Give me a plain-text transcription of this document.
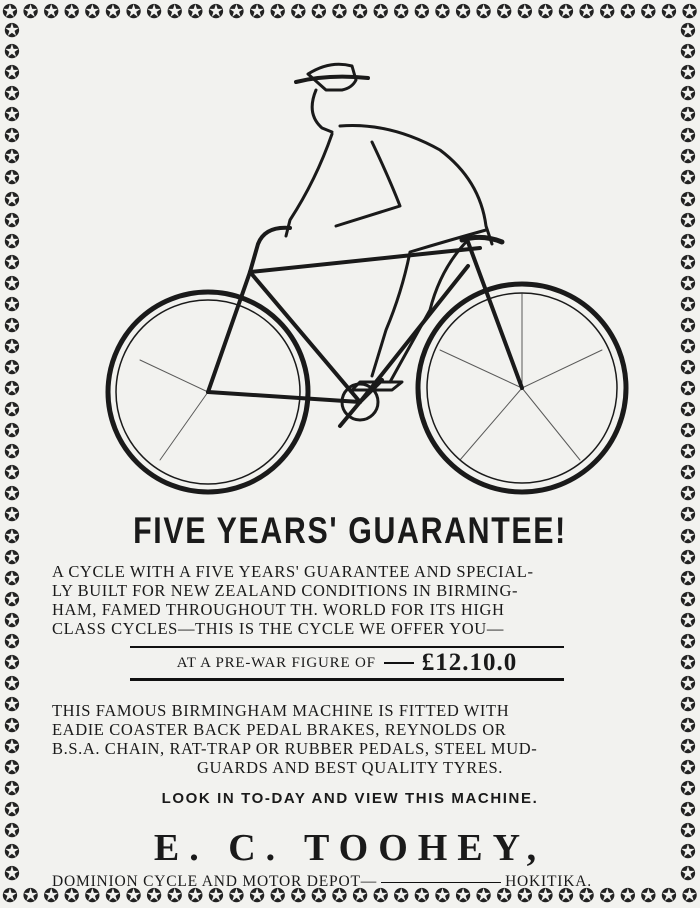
✪ ✪ ✪ ✪ ✪ ✪ ✪ ✪ ✪ ✪ ✪ ✪ ✪ ✪ ✪ ✪ ✪ ✪ ✪ ✪ ✪ ✪ ✪ ✪ ✪ ✪ ✪ ✪ ✪ ✪ ✪ ✪ ✪ ✪
✪ ✪ ✪ ✪ ✪ ✪ ✪ ✪ ✪ ✪ ✪ ✪ ✪ ✪ ✪ ✪ ✪ ✪ ✪ ✪ ✪ ✪ ✪ ✪ ✪ ✪ ✪ ✪ ✪ ✪ ✪ ✪ ✪ ✪
✪
✪
✪
✪
✪
✪
✪
✪
✪
✪
✪
✪
✪
✪
✪
✪
✪
✪
✪
✪
✪
✪
✪
✪
✪
✪
✪
✪
✪
✪
✪
✪
✪
✪
✪
✪
✪
✪
✪
✪
✪
✪
✪
✪
✪
✪
✪
✪
✪
✪
✪
✪
✪
✪
✪
✪
✪
✪
✪
✪
✪
✪
✪
✪
✪
✪
✪
✪
✪
✪
✪
✪
✪
✪
✪
✪
✪
✪
✪
✪
✪
✪
FIVE YEARS' GUARANTEE!
A CYCLE WITH A FIVE YEARS' GUARANTEE AND SPECIAL-
LY BUILT FOR NEW ZEALAND CONDITIONS IN BIRMING-
HAM, FAMED THROUGHOUT TH. WORLD FOR ITS HIGH
CLASS CYCLES—THIS IS THE CYCLE WE OFFER YOU—
AT A PRE-WAR FIGURE OF £12.10.0
THIS FAMOUS BIRMINGHAM MACHINE IS FITTED WITH
EADIE COASTER BACK PEDAL BRAKES, REYNOLDS OR
B.S.A. CHAIN, RAT-TRAP OR RUBBER PEDALS, STEEL MUD-
GUARDS AND BEST QUALITY TYRES.
LOOK IN TO-DAY AND VIEW THIS MACHINE.
E. C. TOOHEY,
DOMINION CYCLE AND MOTOR DEPOT —	HOKITIKA.
